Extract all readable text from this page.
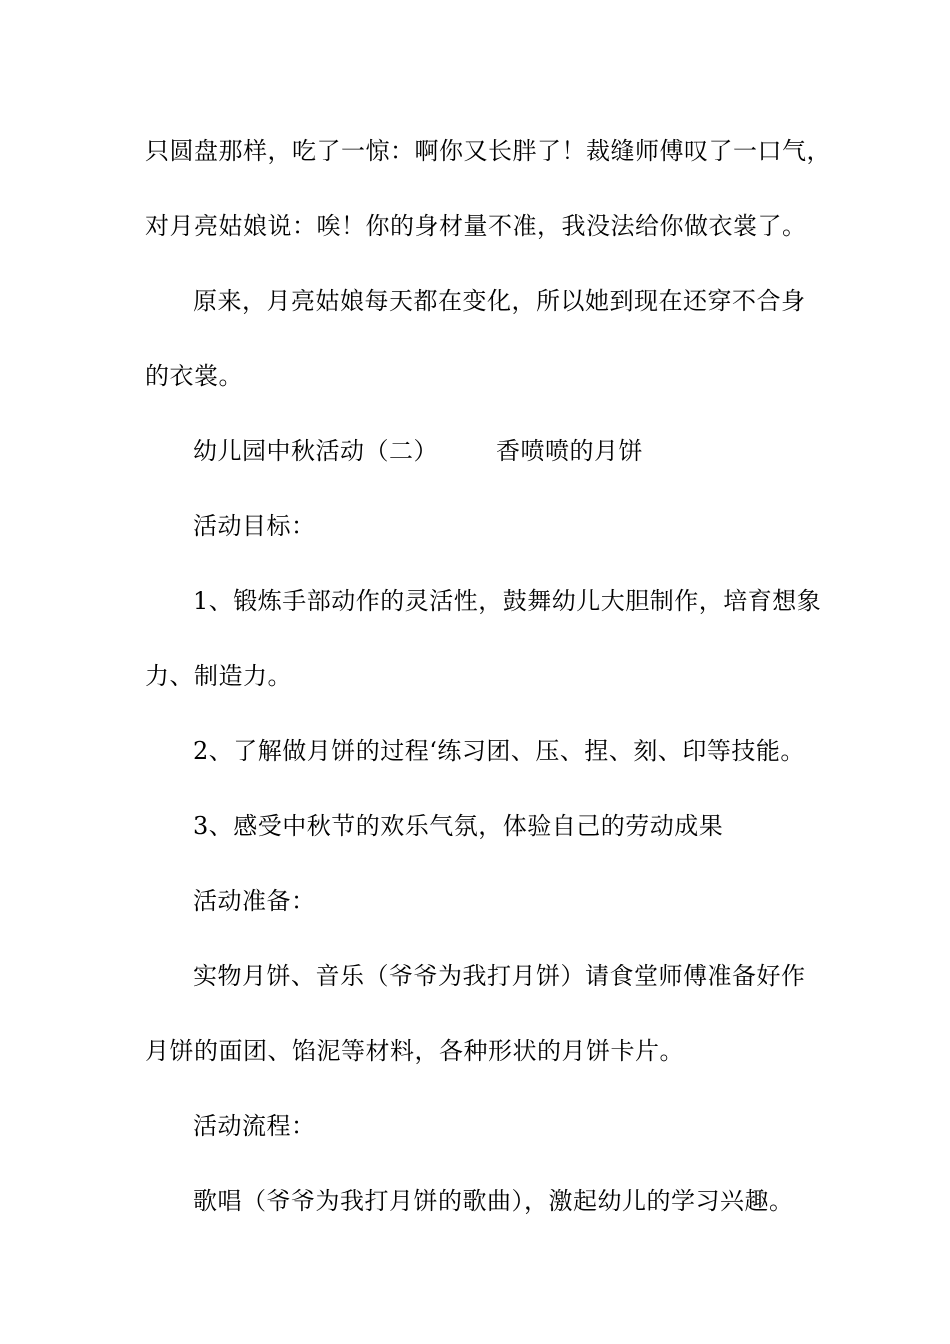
只圆盘那样，吃了一惊：啊你又长胖了！裁缝师傅叹了一口气，
对月亮姑娘说：唉！你的身材量不准，我没法给你做衣裳了。
原来，月亮姑娘每天都在变化，所以她到现在还穿不合身
的衣裳。
幼儿园中秋活动（二） 香喷喷的月饼
活动目标：
1、锻炼手部动作的灵活性，鼓舞幼儿大胆制作，培育想象
力、制造力。
2、了解做月饼的过程‘练习团、压、捏、刻、印等技能。
3、感受中秋节的欢乐气氛，体验自己的劳动成果
活动准备：
实物月饼、音乐（爷爷为我打月饼）请食堂师傅准备好作
月饼的面团、馅泥等材料，各种形状的月饼卡片。
活动流程：
歌唱（爷爷为我打月饼的歌曲），激起幼儿的学习兴趣。
